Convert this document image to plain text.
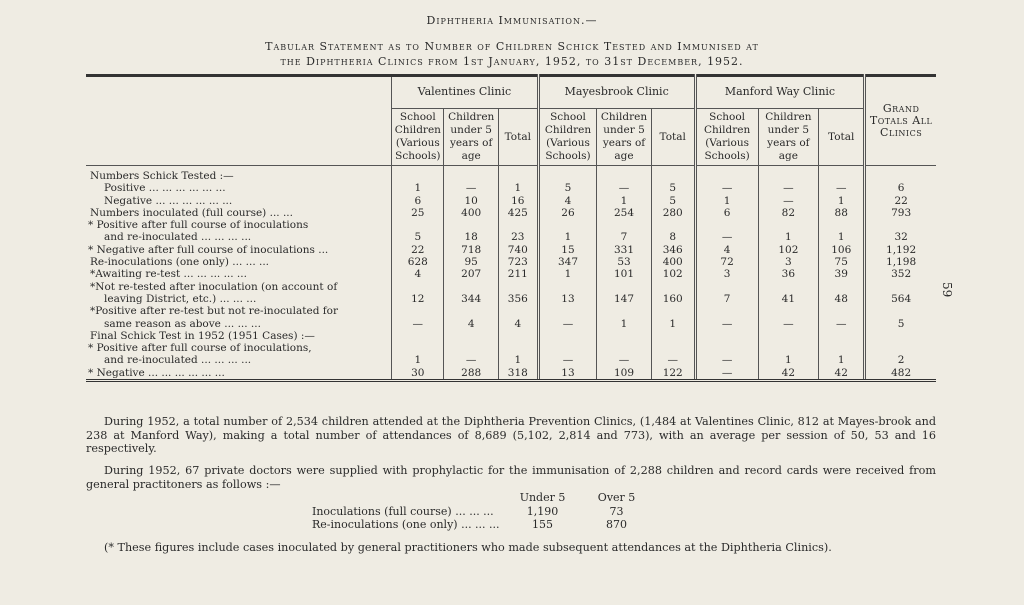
Diphtheria Immunisation.—
Tabular Statement as to Number of Children Schick Tested and Immunised at
the Diphtheria Clinics from 1st January, 1952, to 31st December, 1952.
59
	Valentines Clinic			Mayesbrook Clinic			Manford Way Clinic			Grand Totals All Clinics
	School Children (Various Schools)	Children under 5 years of age	Total	School Children (Various Schools)	Children under 5 years of age	Total	School Children (Various Schools)	Children under 5 years of age	Total	
Numbers Schick Tested :—										
Positive ... ... ... ... ... ...	1	—	1	5	—	5	—	—	—	6
Negative ... ... ... ... ... ...	6	10	16	4	1	5	1	—	1	22
Numbers inoculated (full course) ... ...	25	400	425	26	254	280	6	82	88	793
* Positive after full course of inoculations										
and re-inoculated ... ... ... ...	5	18	23	1	7	8	—	1	1	32
* Negative after full course of inoculations ...	22	718	740	15	331	346	4	102	106	1,192
Re-inoculations (one only) ... ... ...	628	95	723	347	53	400	72	3	75	1,198
*Awaiting re-test ... ... ... ... ...	4	207	211	1	101	102	3	36	39	352
*Not re-tested after inoculation (on account of										
leaving District, etc.) ... ... ...	12	344	356	13	147	160	7	41	48	564
*Positive after re-test but not re-inoculated for										
same reason as above ... ... ...	—	4	4	—	1	1	—	—	—	5
Final Schick Test in 1952 (1951 Cases) :—										
* Positive after full course of inoculations,										
and re-inoculated ... ... ... ...	1	—	1	—	—	—	—	1	1	2
* Negative ... ... ... ... ... ...	30	288	318	13	109	122	—	42	42	482
During 1952, a total number of 2,534 children attended at the Diphtheria Prevention Clinics, (1,484 at Valentines Clinic, 812 at Mayes-brook and 238 at Manford Way), making a total number of attendances of 8,689 (5,102, 2,814 and 773), with an average per session of 50, 53 and 16 respectively.
During 1952, 67 private doctors were supplied with prophylactic for the immunisation of 2,288 children and record cards were received from general practitoners as follows :—
	Under 5	Over 5
Inoculations (full course) ... ... ...	1,190	73
Re-inoculations (one only) ... ... ...	155	870
(* These figures include cases inoculated by general practitioners who made subsequent attendances at the Diphtheria Clinics).
